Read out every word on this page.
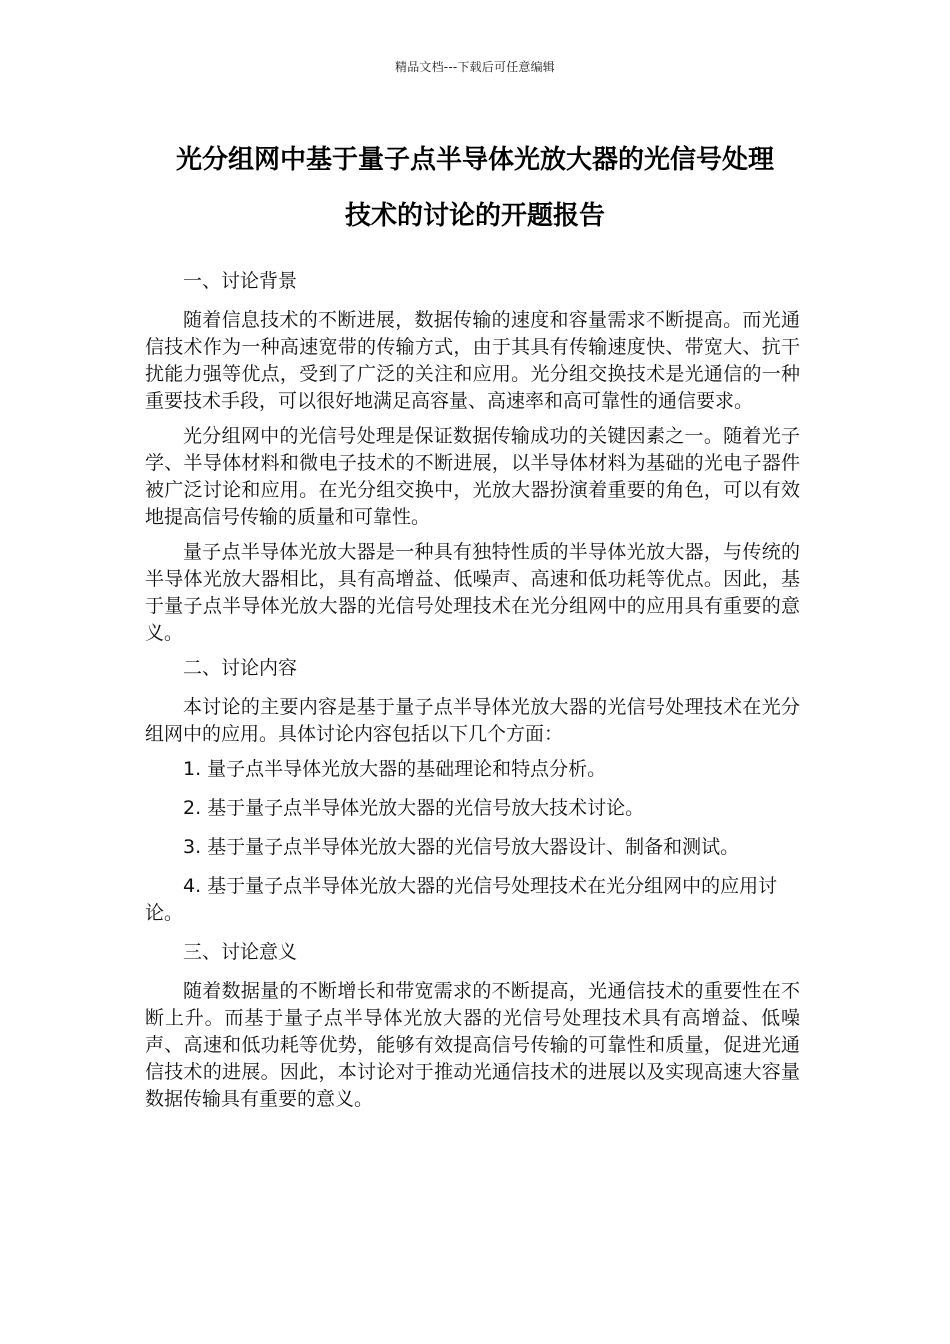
精品文档---下载后可任意编辑
光分组网中基于量子点半导体光放大器的光信号处理
技术的讨论的开题报告
一、讨论背景

随着信息技术的不断进展，数据传输的速度和容量需求不断提高。而光通信技术作为一种高速宽带的传输方式，由于其具有传输速度快、带宽大、抗干扰能力强等优点，受到了广泛的关注和应用。光分组交换技术是光通信的一种重要技术手段，可以很好地满足高容量、高速率和高可靠性的通信要求。

光分组网中的光信号处理是保证数据传输成功的关键因素之一。随着光子学、半导体材料和微电子技术的不断进展，以半导体材料为基础的光电子器件被广泛讨论和应用。在光分组交换中，光放大器扮演着重要的角色，可以有效地提高信号传输的质量和可靠性。

量子点半导体光放大器是一种具有独特性质的半导体光放大器，与传统的半导体光放大器相比，具有高增益、低噪声、高速和低功耗等优点。因此，基于量子点半导体光放大器的光信号处理技术在光分组网中的应用具有重要的意义。

二、讨论内容

本讨论的主要内容是基于量子点半导体光放大器的光信号处理技术在光分组网中的应用。具体讨论内容包括以下几个方面：

1. 量子点半导体光放大器的基础理论和特点分析。
2. 基于量子点半导体光放大器的光信号放大技术讨论。
3. 基于量子点半导体光放大器的光信号放大器设计、制备和测试。
4. 基于量子点半导体光放大器的光信号处理技术在光分组网中的应用讨论。
三、讨论意义

随着数据量的不断增长和带宽需求的不断提高，光通信技术的重要性在不断上升。而基于量子点半导体光放大器的光信号处理技术具有高增益、低噪声、高速和低功耗等优势，能够有效提高信号传输的可靠性和质量，促进光通信技术的进展。因此，本讨论对于推动光通信技术的进展以及实现高速大容量数据传输具有重要的意义。
